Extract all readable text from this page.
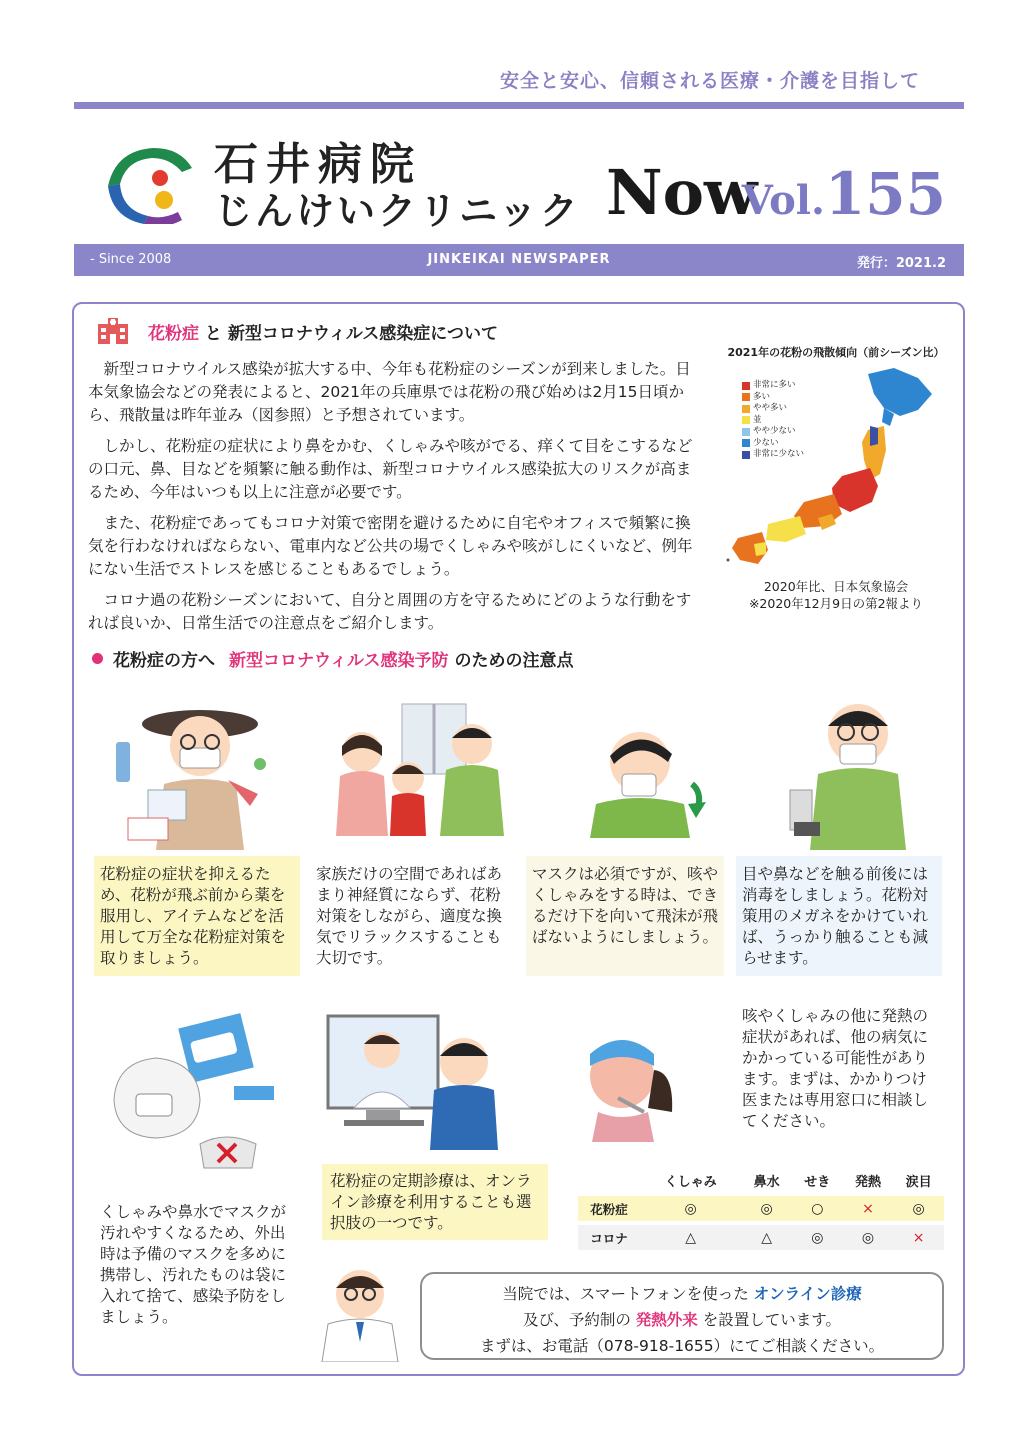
安全と安心、信頼される医療・介護を目指して
石井病院
じんけいクリニック Now
Vol.155
JINKEIKAI NEWSPAPER
- Since 2008	発行：2021.2
花粉症 と 新型コロナウィルス感染症について

新型コロナウイルス感染が拡大する中、今年も花粉症のシーズンが到来しました。日本気象協会などの発表によると、2021年の兵庫県では花粉の飛び始めは2月15日頃から、飛散量は昨年並み（図参照）と予想されています。

しかし、花粉症の症状により鼻をかむ、くしゃみや咳がでる、痒くて目をこするなどの口元、鼻、目などを頻繁に触る動作は、新型コロナウイルス感染拡大のリスクが高まるため、今年はいつも以上に注意が必要です。

また、花粉症であってもコロナ対策で密閉を避けるために自宅やオフィスで頻繁に換気を行わなければならない、電車内など公共の場でくしゃみや咳がしにくいなど、例年にない生活でストレスを感じることもあるでしょう。

コロナ過の花粉シーズンにおいて、自分と周囲の方を守るためにどのような行動をすれば良いか、日常生活での注意点をご紹介します。

2021年の花粉の飛散傾向（前シーズン比）
非常に多い
多い
やや多い
並
やや少ない
少ない
非常に少ない
2020年比、日本気象協会
※2020年12月9日の第2報より
花粉症の方へ 新型コロナウィルス感染予防 のための注意点
花粉症の症状を抑えるため、花粉が飛ぶ前から薬を服用し、アイテムなどを活用して万全な花粉症対策を取りましょう。
家族だけの空間であればあまり神経質にならず、花粉対策をしながら、適度な換気でリラックスすることも大切です。
マスクは必須ですが、咳やくしゃみをする時は、できるだけ下を向いて飛沫が飛ばないようにしましょう。
目や鼻などを触る前後には消毒をしましょう。花粉対策用のメガネをかけていれば、うっかり触ることも減らせます。
くしゃみや鼻水でマスクが汚れやすくなるため、外出時は予備のマスクを多めに携帯し、汚れたものは袋に入れて捨て、感染予防をしましょう。
花粉症の定期診療は、オンライン診療を利用することも選択肢の一つです。
咳やくしゃみの他に発熱の症状があれば、他の病気にかかっている可能性があります。まずは、かかりつけ医または専用窓口に相談してください。
	くしゃみ	鼻水	せき	発熱	涙目
花粉症	◎	◎	○	×	◎
コロナ	△	△	◎	◎	×
当院では、スマートフォンを使った オンライン診療
及び、予約制の 発熱外来 を設置しています。
まずは、お電話（078-918-1655）にてご相談ください。
